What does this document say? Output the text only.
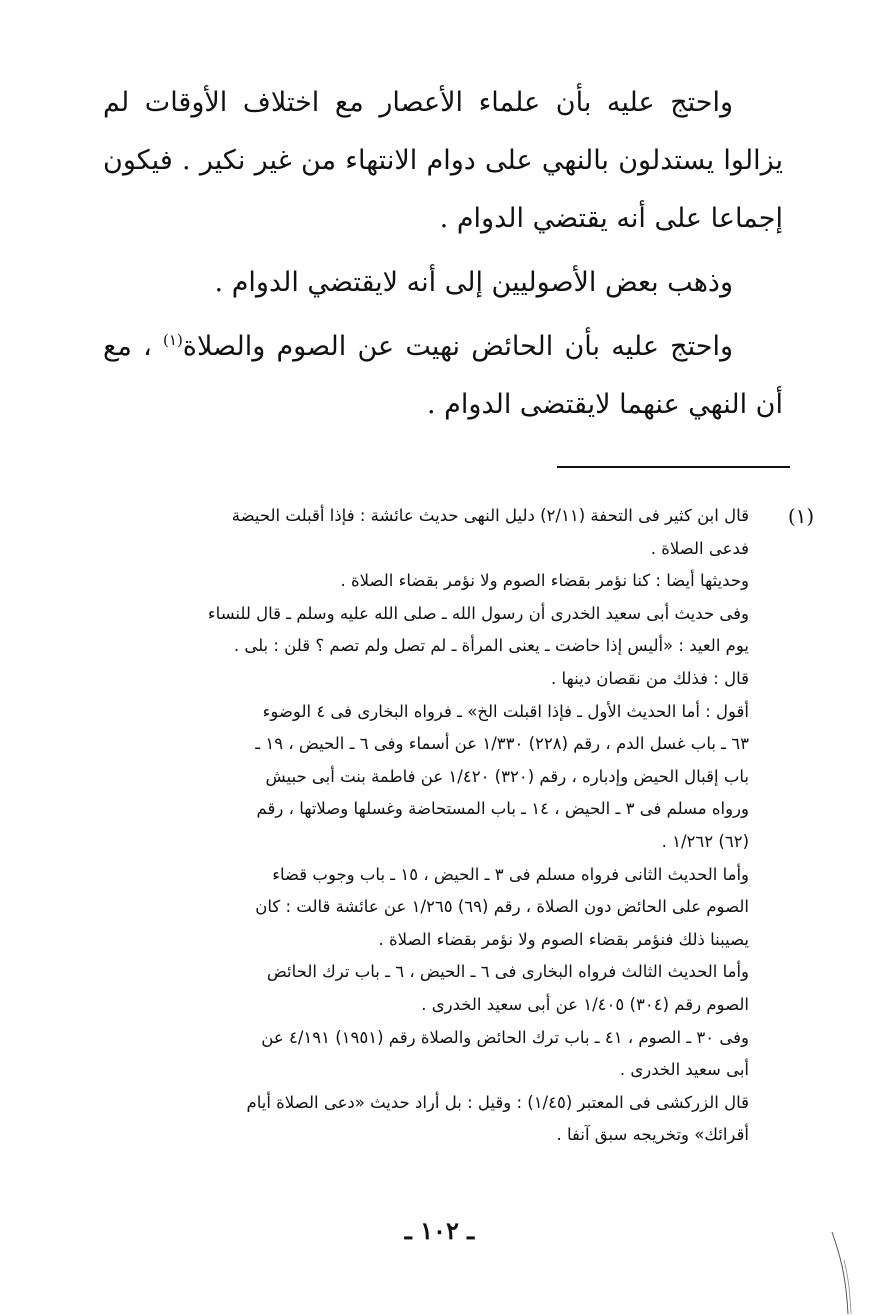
واحتج عليه بأن علماء الأعصار مع اختلاف الأوقات لم يزالوا يستدلون بالنهي على دوام الانتهاء من غير نكير . فيكون إجماعا على أنه يقتضي الدوام .

وذهب بعض الأصوليين إلى أنه لايقتضي الدوام .

واحتج عليه بأن الحائض نهيت عن الصوم والصلاة$^{(١)}$ ، مع أن النهي عنهما لايقتضى الدوام .

(١)
قال ابن كثير فى التحفة (٢/١١) دليل النهى حديث عائشة : فإذا أقبلت الحيضة
فدعى الصلاة .
وحديثها أيضا : كنا نؤمر بقضاء الصوم ولا نؤمر بقضاء الصلاة .
وفى حديث أبى سعيد الخدرى أن رسول الله ـ صلى الله عليه وسلم ـ قال للنساء
يوم العيد : «أليس إذا حاضت ـ يعنى المرأة ـ لم تصل ولم تصم ؟ قلن : بلى .
قال : فذلك من نقصان دينها .
أقول : أما الحديث الأول ـ فإذا اقبلت الخ» ـ فرواه البخارى فى ٤ الوضوء
٦٣ ـ باب غسل الدم ، رقم (٢٢٨) ١/٣٣٠ عن أسماء وفى ٦ ـ الحيض ، ١٩ ـ
باب إقبال الحيض وإدباره ، رقم (٣٢٠) ١/٤٢٠ عن فاطمة بنت أبى حبيش
ورواه مسلم فى ٣ ـ الحيض ، ١٤ ـ باب المستحاضة وغسلها وصلاتها ، رقم
(٦٢) ١/٢٦٢ .
وأما الحديث الثانى فرواه مسلم فى ٣ ـ الحيض ، ١٥ ـ باب وجوب قضاء
الصوم على الحائض دون الصلاة ، رقم (٦٩) ١/٢٦٥ عن عائشة قالت : كان
يصيبنا ذلك فنؤمر بقضاء الصوم ولا نؤمر بقضاء الصلاة .
وأما الحديث الثالث فرواه البخارى فى ٦ ـ الحيض ، ٦ ـ باب ترك الحائض
الصوم رقم (٣٠٤) ١/٤٠٥ عن أبى سعيد الخدرى .
وفى ٣٠ ـ الصوم ، ٤١ ـ باب ترك الحائض والصلاة رقم (١٩٥١) ٤/١٩١ عن
أبى سعيد الخدرى .
قال الزركشى فى المعتبر (١/٤٥) : وقيل : بل أراد حديث «دعى الصلاة أيام
أقرائك» وتخريجه سبق آنفا .
ـ ١٠٢ ـ
